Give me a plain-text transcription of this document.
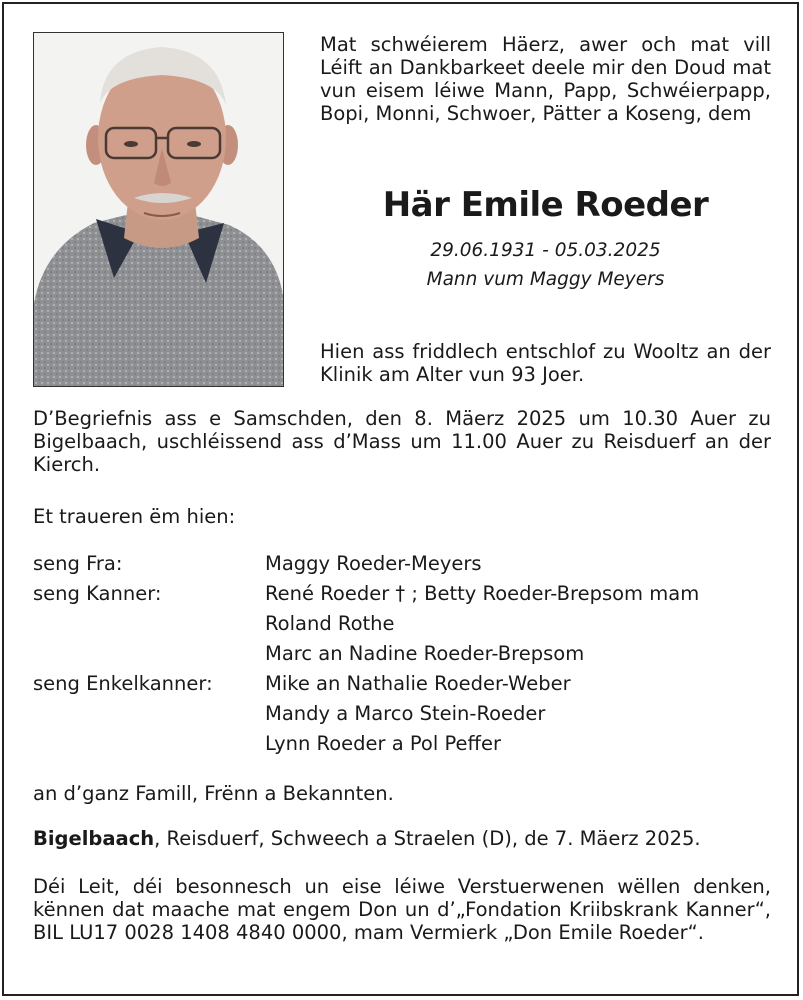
Mat schwéierem Häerz, awer och mat vill Léift an Dankbarkeet deele mir den Doud mat vun eisem léiwe Mann, Papp, Schwéierpapp, Bopi, Monni, Schwoer, Pätter a Koseng, dem
Här Emile Roeder
29.06.1931 - 05.03.2025
Mann vum Maggy Meyers
Hien ass friddlech entschlof zu Wooltz an der Klinik am Alter vun 93 Joer.
D’Begriefnis ass e Samschden, den 8. Mäerz 2025 um 10.30 Auer zu Bigelbaach, uschléissend ass d’Mass um 11.00 Auer zu Reisduerf an der Kierch.
Et traueren ëm hien:
seng Fra:	Maggy Roeder-Meyers
seng Kanner:	René Roeder † ; Betty Roeder-Brepsom mam
Roland Rothe
Marc an Nadine Roeder-Brepsom
seng Enkelkanner:	Mike an Nathalie Roeder-Weber
Mandy a Marco Stein-Roeder
Lynn Roeder a Pol Peffer
an d’ganz Famill, Frënn a Bekannten.
Bigelbaach, Reisduerf, Schweech a Straelen (D), de 7. Mäerz 2025.
Déi Leit, déi besonnesch un eise léiwe Verstuerwenen wëllen denken, kënnen dat maache mat engem Don un d’„Fondation Kriibskrank Kanner“, BIL LU17 0028 1408 4840 0000, mam Vermierk „Don Emile Roeder“.
